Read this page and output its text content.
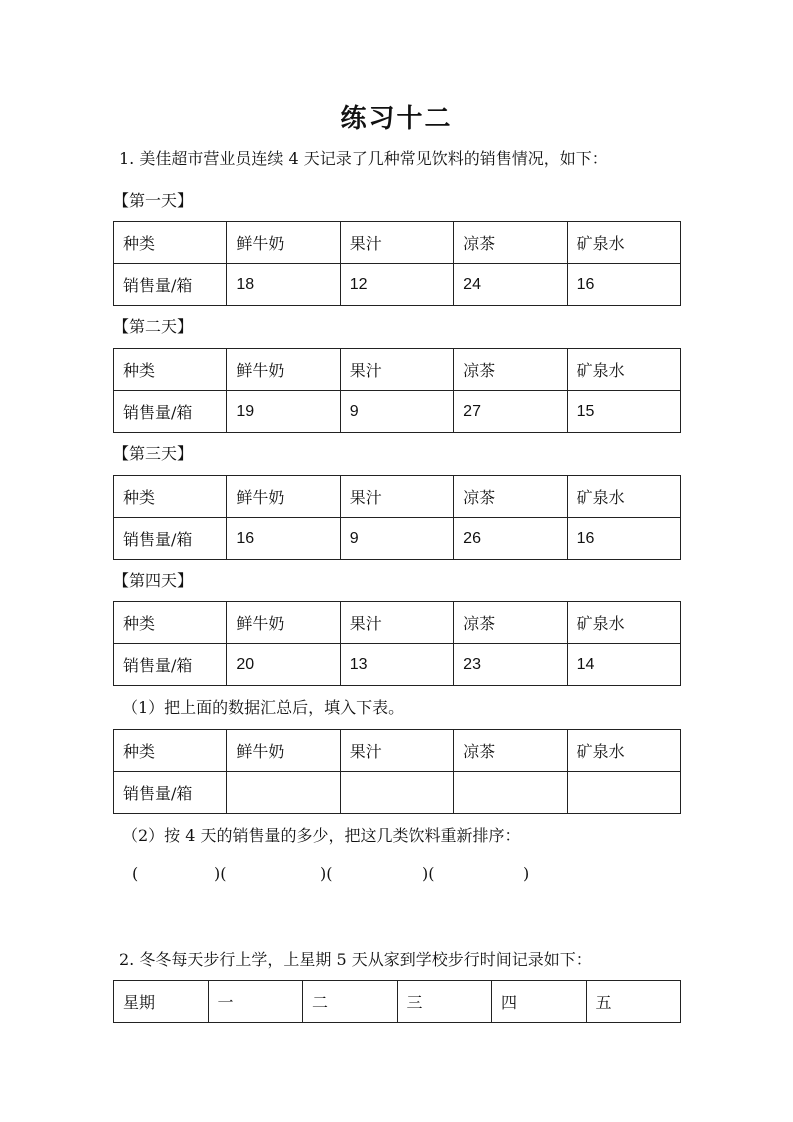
练习十二
1. 美佳超市营业员连续 4 天记录了几种常见饮料的销售情况，如下：
【第一天】
种类	鲜牛奶	果汁	凉茶	矿泉水
销售量/箱	18	12	24	16
【第二天】
种类	鲜牛奶	果汁	凉茶	矿泉水
销售量/箱	19	9	27	15
【第三天】
种类	鲜牛奶	果汁	凉茶	矿泉水
销售量/箱	16	9	26	16
【第四天】
种类	鲜牛奶	果汁	凉茶	矿泉水
销售量/箱	20	13	23	14
（1）把上面的数据汇总后，填入下表。
种类	鲜牛奶	果汁	凉茶	矿泉水
销售量/箱				
（2）按 4 天的销售量的多少，把这几类饮料重新排序：
(	)(	)(	)(	)
2. 冬冬每天步行上学，上星期 5 天从家到学校步行时间记录如下：
星期	一	二	三	四	五
